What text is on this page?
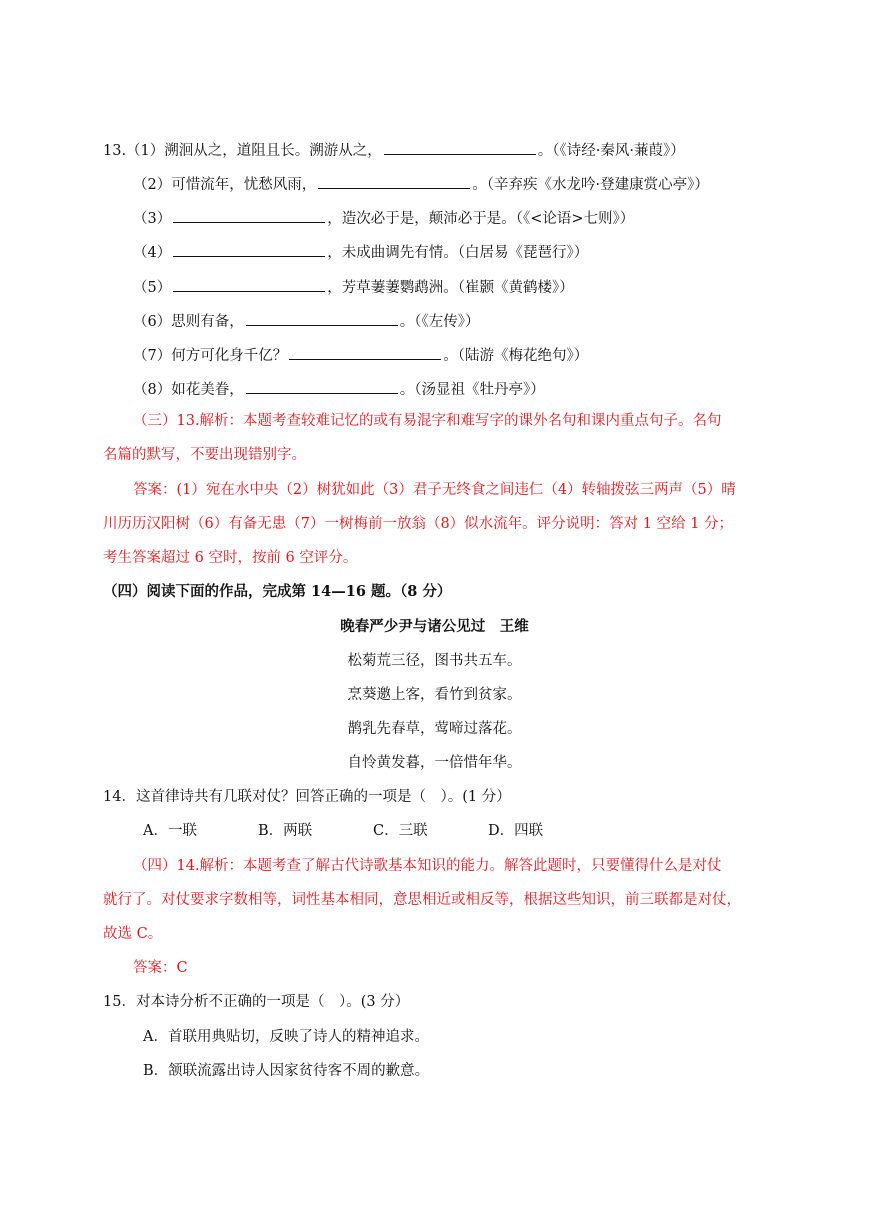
13.（1）溯洄从之，道阻且长。溯游从之，	。（《诗经·秦风·蒹葭》）
（2）可惜流年，忧愁风雨，	。（辛弃疾《水龙吟·登建康赏心亭》）
（3）	，造次必于是，颠沛必于是。（《<论语>七则》）
（4）	，未成曲调先有情。（白居易《琵琶行》）
（5）	，芳草萋萋鹦鹉洲。（崔颢《黄鹤楼》）
（6）思则有备，	。（《左传》）
（7）何方可化身千亿？	。（陆游《梅花绝句》）
（8）如花美眷，	。（汤显祖《牡丹亭》）
（三）13.解析：本题考查较难记忆的或有易混字和难写字的课外名句和课内重点句子。名句
名篇的默写，不要出现错别字。
答案：(1）宛在水中央（2）树犹如此（3）君子无终食之间违仁（4）转轴拨弦三两声（5）晴
川历历汉阳树（6）有备无患（7）一树梅前一放翁（8）似水流年。评分说明：答对 1 空给 1 分；
考生答案超过 6 空时，按前 6 空评分。
（四）阅读下面的作品，完成第 14—16 题。（8 分）
晚春严少尹与诸公见过　王维
松菊荒三径，图书共五车。
烹葵邀上客，看竹到贫家。
鹊乳先春草，莺啼过落花。
自怜黄发暮，一倍惜年华。
14．这首律诗共有几联对仗？回答正确的一项是（　）。(1 分）
A．一联	B．两联	C．三联	D．四联
（四）14.解析：本题考查了解古代诗歌基本知识的能力。解答此题时，只要懂得什么是对仗
就行了。对仗要求字数相等，词性基本相同，意思相近或相反等，根据这些知识，前三联都是对仗，
故选 C。
答案：C
15．对本诗分析不正确的一项是（　）。(3 分）
A．首联用典贴切，反映了诗人的精神追求。
B．颔联流露出诗人因家贫待客不周的歉意。
